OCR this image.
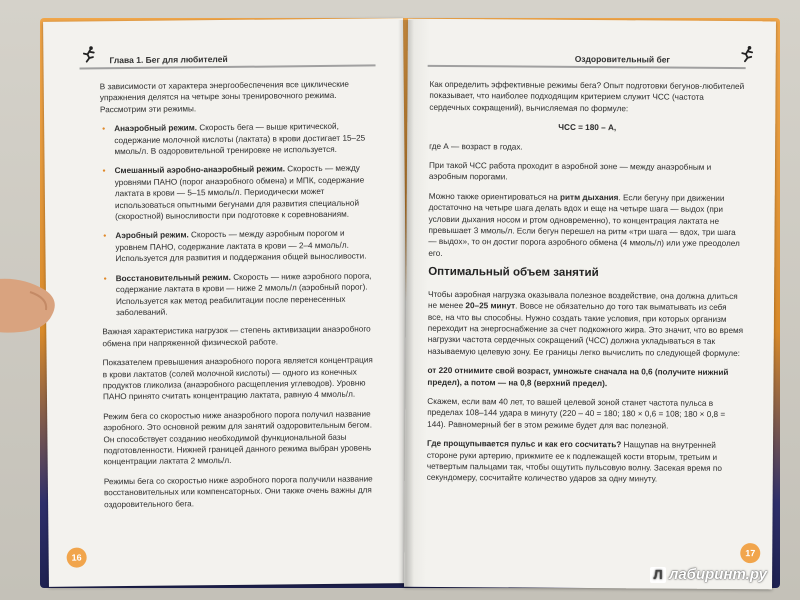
Глава 1. Бег для любителей

В зависимости от характера энергообеспечения все циклические упражнения делятся на четыре зоны тренировочного режима. Рассмотрим эти режимы.

• Анаэробный режим. Скорость бега — выше критической, содержание молочной кислоты (лактата) в крови достигает 15–25 ммоль/л. В оздоровительной тренировке не используется.
• Смешанный аэробно-анаэробный режим. Скорость — между уровнями ПАНО (порог анаэробного обмена) и МПК, содержание лактата в крови — 5–15 ммоль/л. Периодически может использоваться опытными бегунами для развития специальной (скоростной) выносливости при подготовке к соревнованиям.
• Аэробный режим. Скорость — между аэробным порогом и уровнем ПАНО, содержание лактата в крови — 2–4 ммоль/л. Используется для развития и поддержания общей выносливости.
• Восстановительный режим. Скорость — ниже аэробного порога, содержание лактата в крови — ниже 2 ммоль/л (аэробный порог). Используется как метод реабилитации после перенесенных заболеваний.

Важная характеристика нагрузок — степень активизации анаэробного обмена при напряженной физической работе.

Показателем превышения анаэробного порога является концентрация в крови лактатов (солей молочной кислоты) — одного из конечных продуктов гликолиза (анаэробного расщепления углеводов). Уровню ПАНО принято считать концентрацию лактата, равную 4 ммоль/л.

Режим бега со скоростью ниже анаэробного порога получил название аэробного. Это основной режим для занятий оздоровительным бегом. Он способствует созданию необходимой функциональной базы подготовленности. Нижней границей данного режима выбран уровень концентрации лактата 2 ммоль/л.

Режимы бега со скоростью ниже аэробного порога получили название восстановительных или компенсаторных. Они также очень важны для оздоровительного бега.

16
Оздоровительный бег

Как определить эффективные режимы бега? Опыт подготовки бегунов-любителей показывает, что наиболее подходящим критерием служит ЧСС (частота сердечных сокращений), вычисляемая по формуле:

ЧСС = 180 – А,

где А — возраст в годах.

При такой ЧСС работа проходит в аэробной зоне — между анаэробным и аэробным порогами.

Можно также ориентироваться на ритм дыхания. Если бегуну при движении достаточно на четыре шага делать вдох и еще на четыре шага — выдох (при условии дыхания носом и ртом одновременно), то концентрация лактата не превышает 3 ммоль/л. Если бегун перешел на ритм «три шага — вдох, три шага — выдох», то он достиг порога аэробного обмена (4 ммоль/л) или уже преодолел его.

Оптимальный объем занятий

Чтобы аэробная нагрузка оказывала полезное воздействие, она должна длиться не менее 20–25 минут. Вовсе не обязательно до того так выматывать из себя все, на что вы способны. Нужно создать такие условия, при которых организм переходит на энергоснабжение за счет подкожного жира. Это значит, что во время нагрузки частота сердечных сокращений (ЧСС) должна укладываться в так называемую целевую зону. Ее границы легко вычислить по следующей формуле:

от 220 отнимите свой возраст, умножьте сначала на 0,6 (получите нижний предел), а потом — на 0,8 (верхний предел).

Скажем, если вам 40 лет, то вашей целевой зоной станет частота пульса в пределах 108–144 удара в минуту (220 – 40 = 180; 180 × 0,6 = 108; 180 × 0,8 = 144). Равномерный бег в этом режиме будет для вас полезной.

Где прощупывается пульс и как его сосчитать? Нащупав на внутренней стороне руки артерию, прижмите ее к подлежащей кости вторым, третьим и четвертым пальцами так, чтобы ощутить пульсовую волну. Засекая время по секундомеру, сосчитайте количество ударов за одну минуту.

17
Л лабиринт.ру
